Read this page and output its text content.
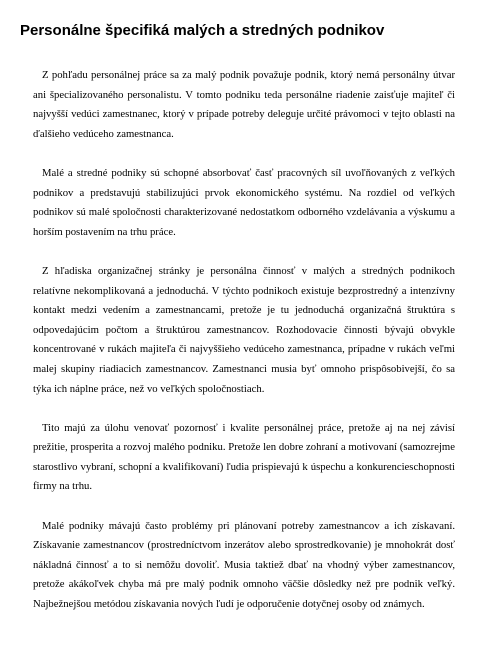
Personálne špecifiká malých a stredných podnikov

Z pohľadu personálnej práce sa za malý podnik považuje podnik, ktorý nemá personálny útvar ani špecializovaného personalistu. V tomto podniku teda personálne riadenie zaisťuje majiteľ či najvyšší vedúci zamestnanec, ktorý v prípade potreby deleguje určité právomoci v tejto oblasti na ďalšieho vedúceho zamestnanca.

Malé a stredné podniky sú schopné absorbovať časť pracovných síl uvoľňovaných z veľkých podnikov a predstavujú stabilizujúci prvok ekonomického systému. Na rozdiel od veľkých podnikov sú malé spoločnosti charakterizované nedostatkom odborného vzdelávania a výskumu a horším postavením na trhu práce.

Z hľadiska organizačnej stránky je personálna činnosť v malých a stredných podnikoch relatívne nekomplikovaná a jednoduchá. V týchto podnikoch existuje bezprostredný a intenzívny kontakt medzi vedením a zamestnancami, pretože je tu jednoduchá organizačná štruktúra s odpovedajúcim počtom a štruktúrou zamestnancov. Rozhodovacie činnosti bývajú obvykle koncentrované v rukách majiteľa či najvyššieho vedúceho zamestnanca, prípadne v rukách veľmi malej skupiny riadiacich zamestnancov. Zamestnanci musia byť omnoho prispôsobivejší, čo sa týka ich náplne práce, než vo veľkých spoločnostiach.

Tito majú za úlohu venovať pozornosť i kvalite personálnej práce, pretože aj na nej závisí prežitie, prosperita a rozvoj malého podniku. Pretože len dobre zohraní a motivovaní (samozrejme starostlivo vybraní, schopní a kvalifikovaní) ľudia prispievajú k úspechu a konkurencieschopnosti firmy na trhu.

Malé podniky mávajú často problémy pri plánovaní potreby zamestnancov a ich získavaní. Získavanie zamestnancov (prostredníctvom inzerátov alebo sprostredkovanie) je mnohokrát dosť nákladná činnosť a to si nemôžu dovoliť. Musia taktiež dbať na vhodný výber zamestnancov, pretože akákoľvek chyba má pre malý podnik omnoho väčšie dôsledky než pre podnik veľký. Najbežnejšou metódou získavania nových ľudí je odporučenie dotyčnej osoby od známych.
